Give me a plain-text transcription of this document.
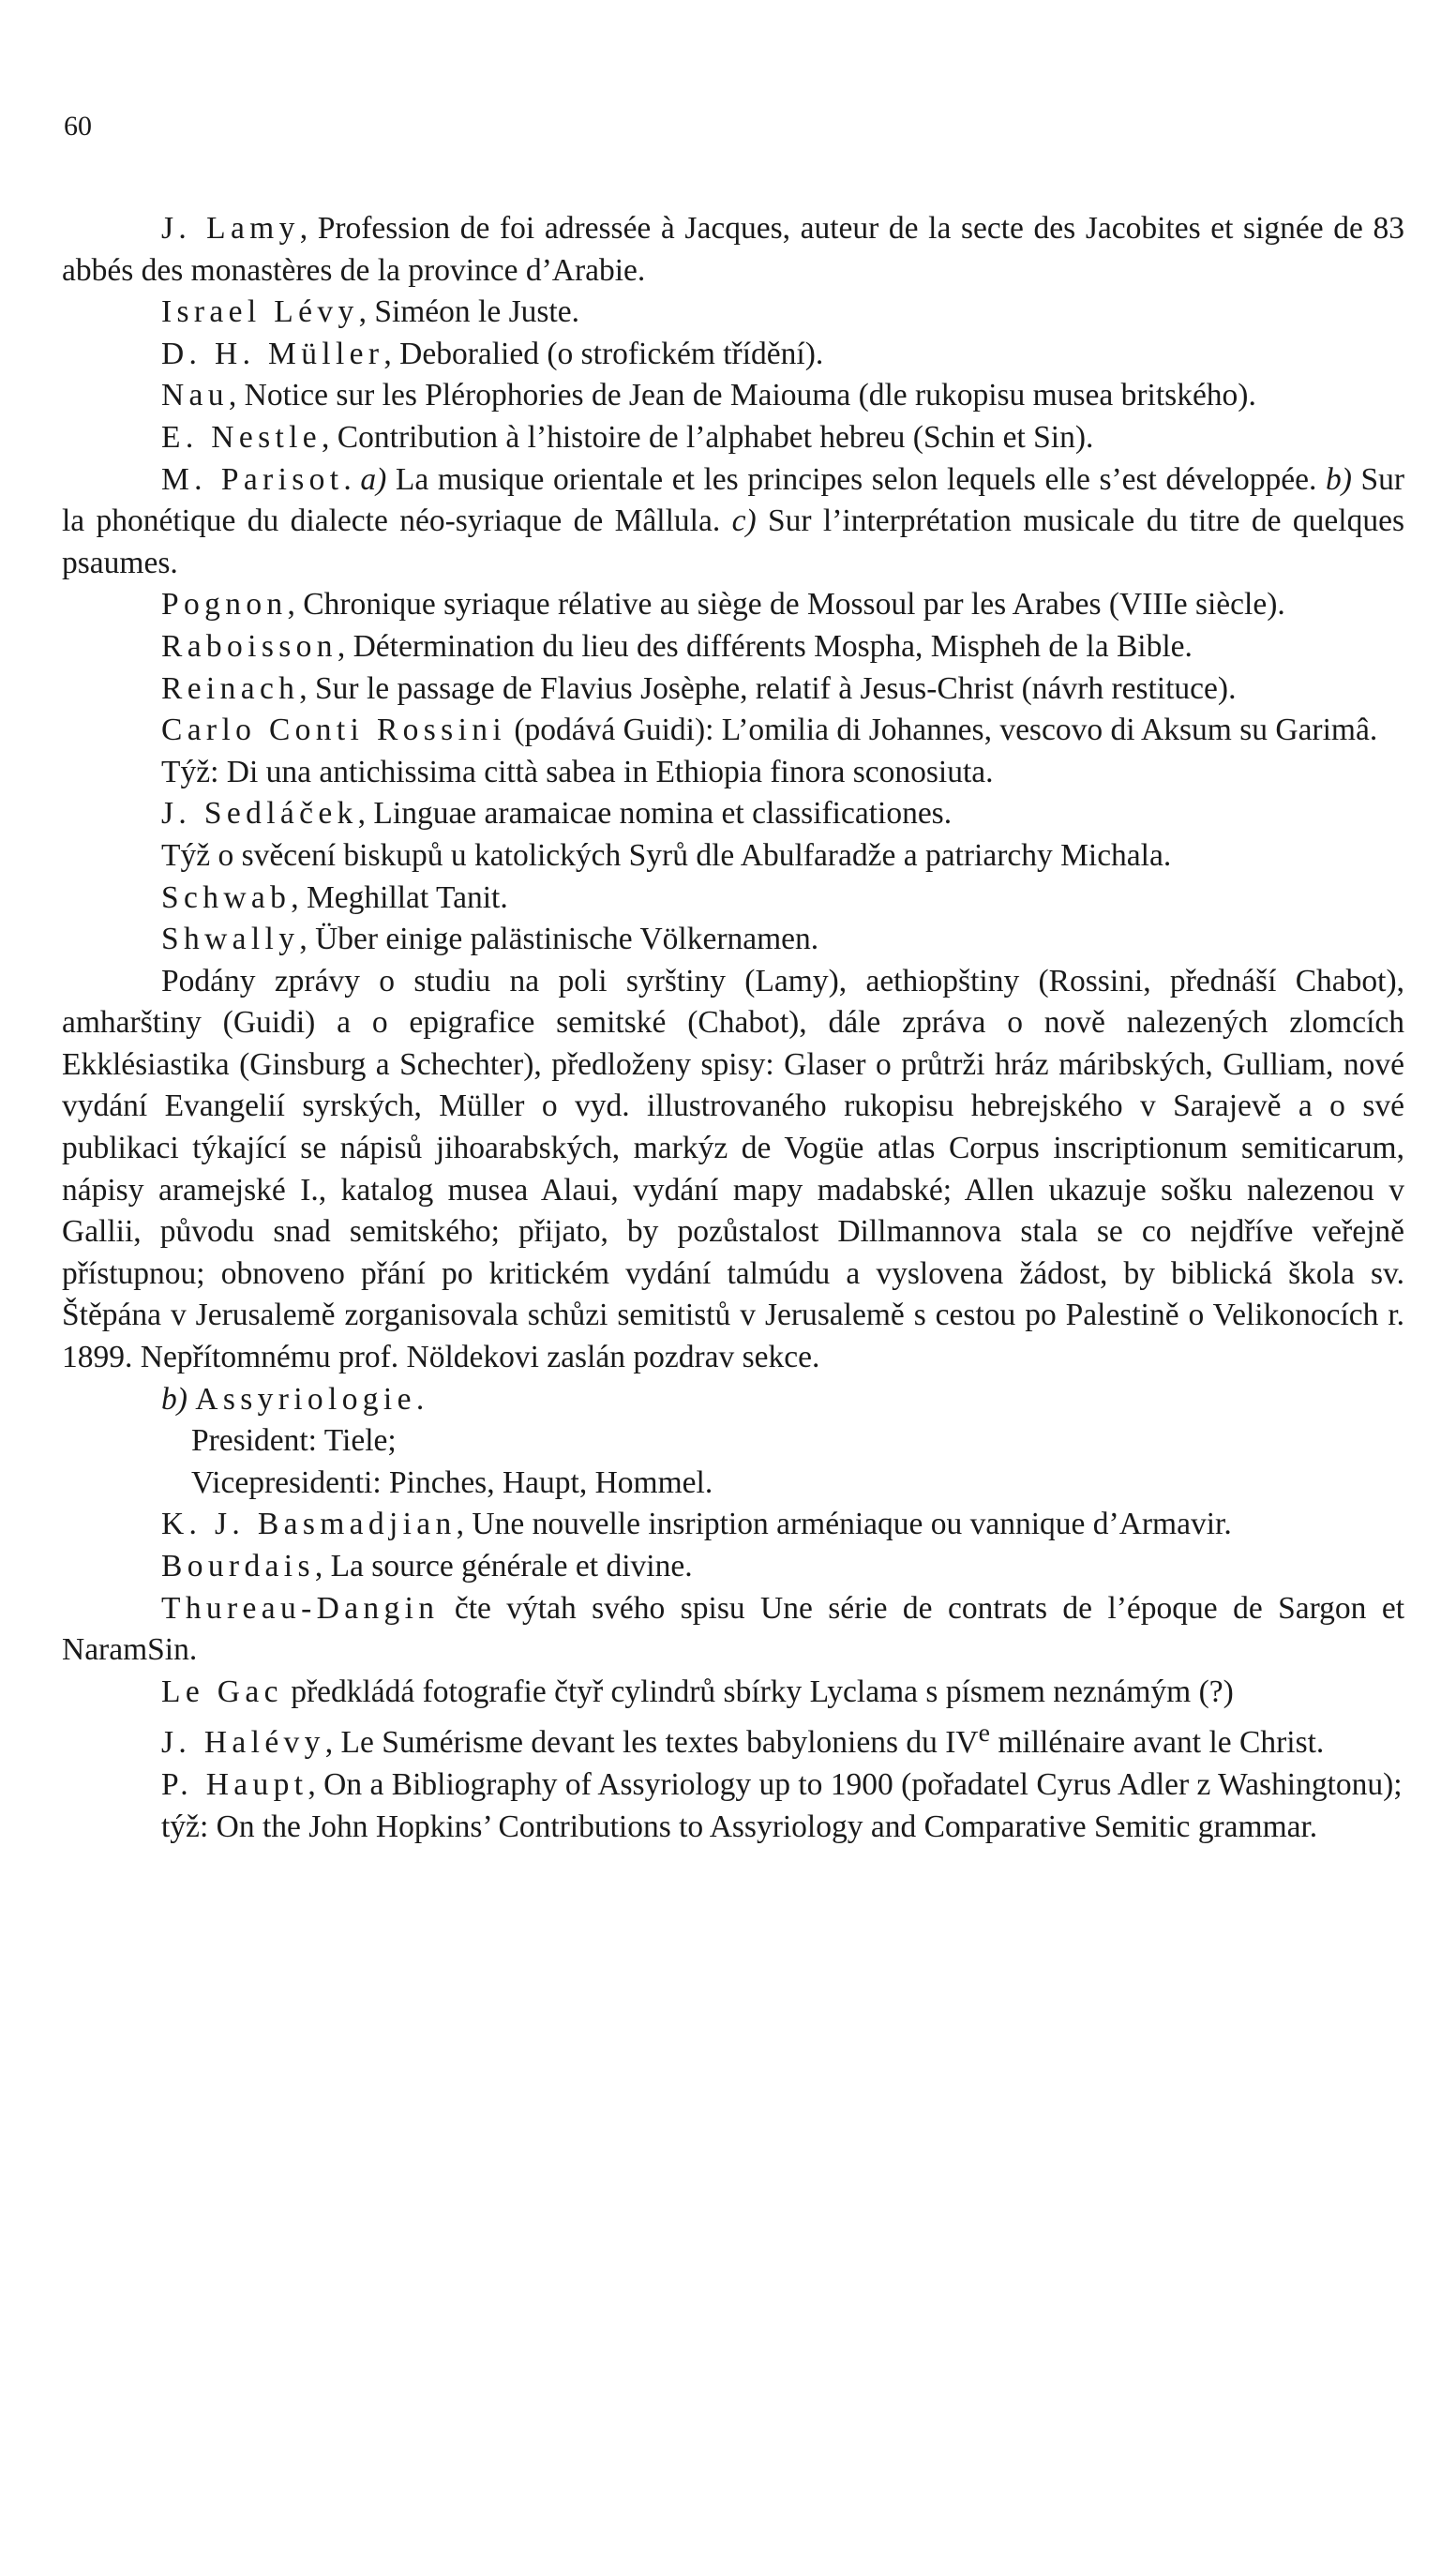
60

J. Lamy, Profession de foi adressée à Jacques, auteur de la secte des Jacobites et signée de 83 abbés des monastères de la province d’Arabie.

Israel Lévy, Siméon le Juste.

D. H. Müller, Deboralied (o strofickém třídění).

Nau, Notice sur les Plérophories de Jean de Maiouma (dle rukopisu musea britského).

E. Nestle, Contribution à l’histoire de l’alphabet hebreu (Schin et Sin).

M. Parisot. a) La musique orientale et les principes selon lequels elle s’est développée. b) Sur la phonétique du dialecte néo-syriaque de Mâllula. c) Sur l’interprétation musicale du titre de quelques psaumes.

Pognon, Chronique syriaque rélative au siège de Mossoul par les Arabes (VIIIe siècle).

Raboisson, Détermination du lieu des différents Mospha, Mispheh de la Bible.

Reinach, Sur le passage de Flavius Josèphe, relatif à Jesus-Christ (návrh restituce).

Carlo Conti Rossini (podává Guidi): L’omilia di Johannes, vescovo di Aksum su Garimâ.

Týž: Di una antichissima città sabea in Ethiopia finora sconosiuta.

J. Sedláček, Linguae aramaicae nomina et classificationes.

Týž o svěcení biskupů u katolických Syrů dle Abulfaradže a patriarchy Michala.

Schwab, Meghillat Tanit.

Shwally, Über einige palästinische Völkernamen.

Podány zprávy o studiu na poli syrštiny (Lamy), aethiopštiny (Rossini, přednáší Chabot), amharštiny (Guidi) a o epigrafice semitské (Chabot), dále zpráva o nově nalezených zlomcích Ekklésiastika (Ginsburg a Schechter), předloženy spisy: Glaser o průtrži hráz máribských, Gulliam, nové vydání Evangelií syrských, Müller o vyd. illustrovaného rukopisu hebrejského v Sarajevě a o své publikaci týkající se nápisů jihoarabských, markýz de Vogüe atlas Corpus inscriptionum semiticarum, nápisy aramejské I., katalog musea Alaui, vydání mapy madabské; Allen ukazuje sošku nalezenou v Gallii, původu snad semitského; přijato, by pozůstalost Dillmannova stala se co nejdříve veřejně přístupnou; obnoveno přání po kritickém vydání talmúdu a vyslovena žádost, by biblická škola sv. Štěpána v Jerusalemě zorganisovala schůzi semitistů v Jerusalemě s cestou po Palestině o Velikonocích r. 1899. Nepřítomnému prof. Nöldekovi zaslán pozdrav sekce.

b) Assyriologie.

President: Tiele;

Vicepresidenti: Pinches, Haupt, Hommel.

K. J. Basmadjian, Une nouvelle insription arméniaque ou vannique d’Armavir.

Bourdais, La source générale et divine.

Thureau-Dangin čte výtah svého spisu Une série de contrats de l’époque de Sargon et NaramSin.

Le Gac předkládá fotografie čtyř cylindrů sbírky Lyclama s písmem neznámým (?)

J. Halévy, Le Sumérisme devant les textes babyloniens du IVe millénaire avant le Christ.

P. Haupt, On a Bibliography of Assyriology up to 1900 (pořadatel Cyrus Adler z Washingtonu);

týž: On the John Hopkins’ Contributions to Assyriology and Comparative Semitic grammar.
